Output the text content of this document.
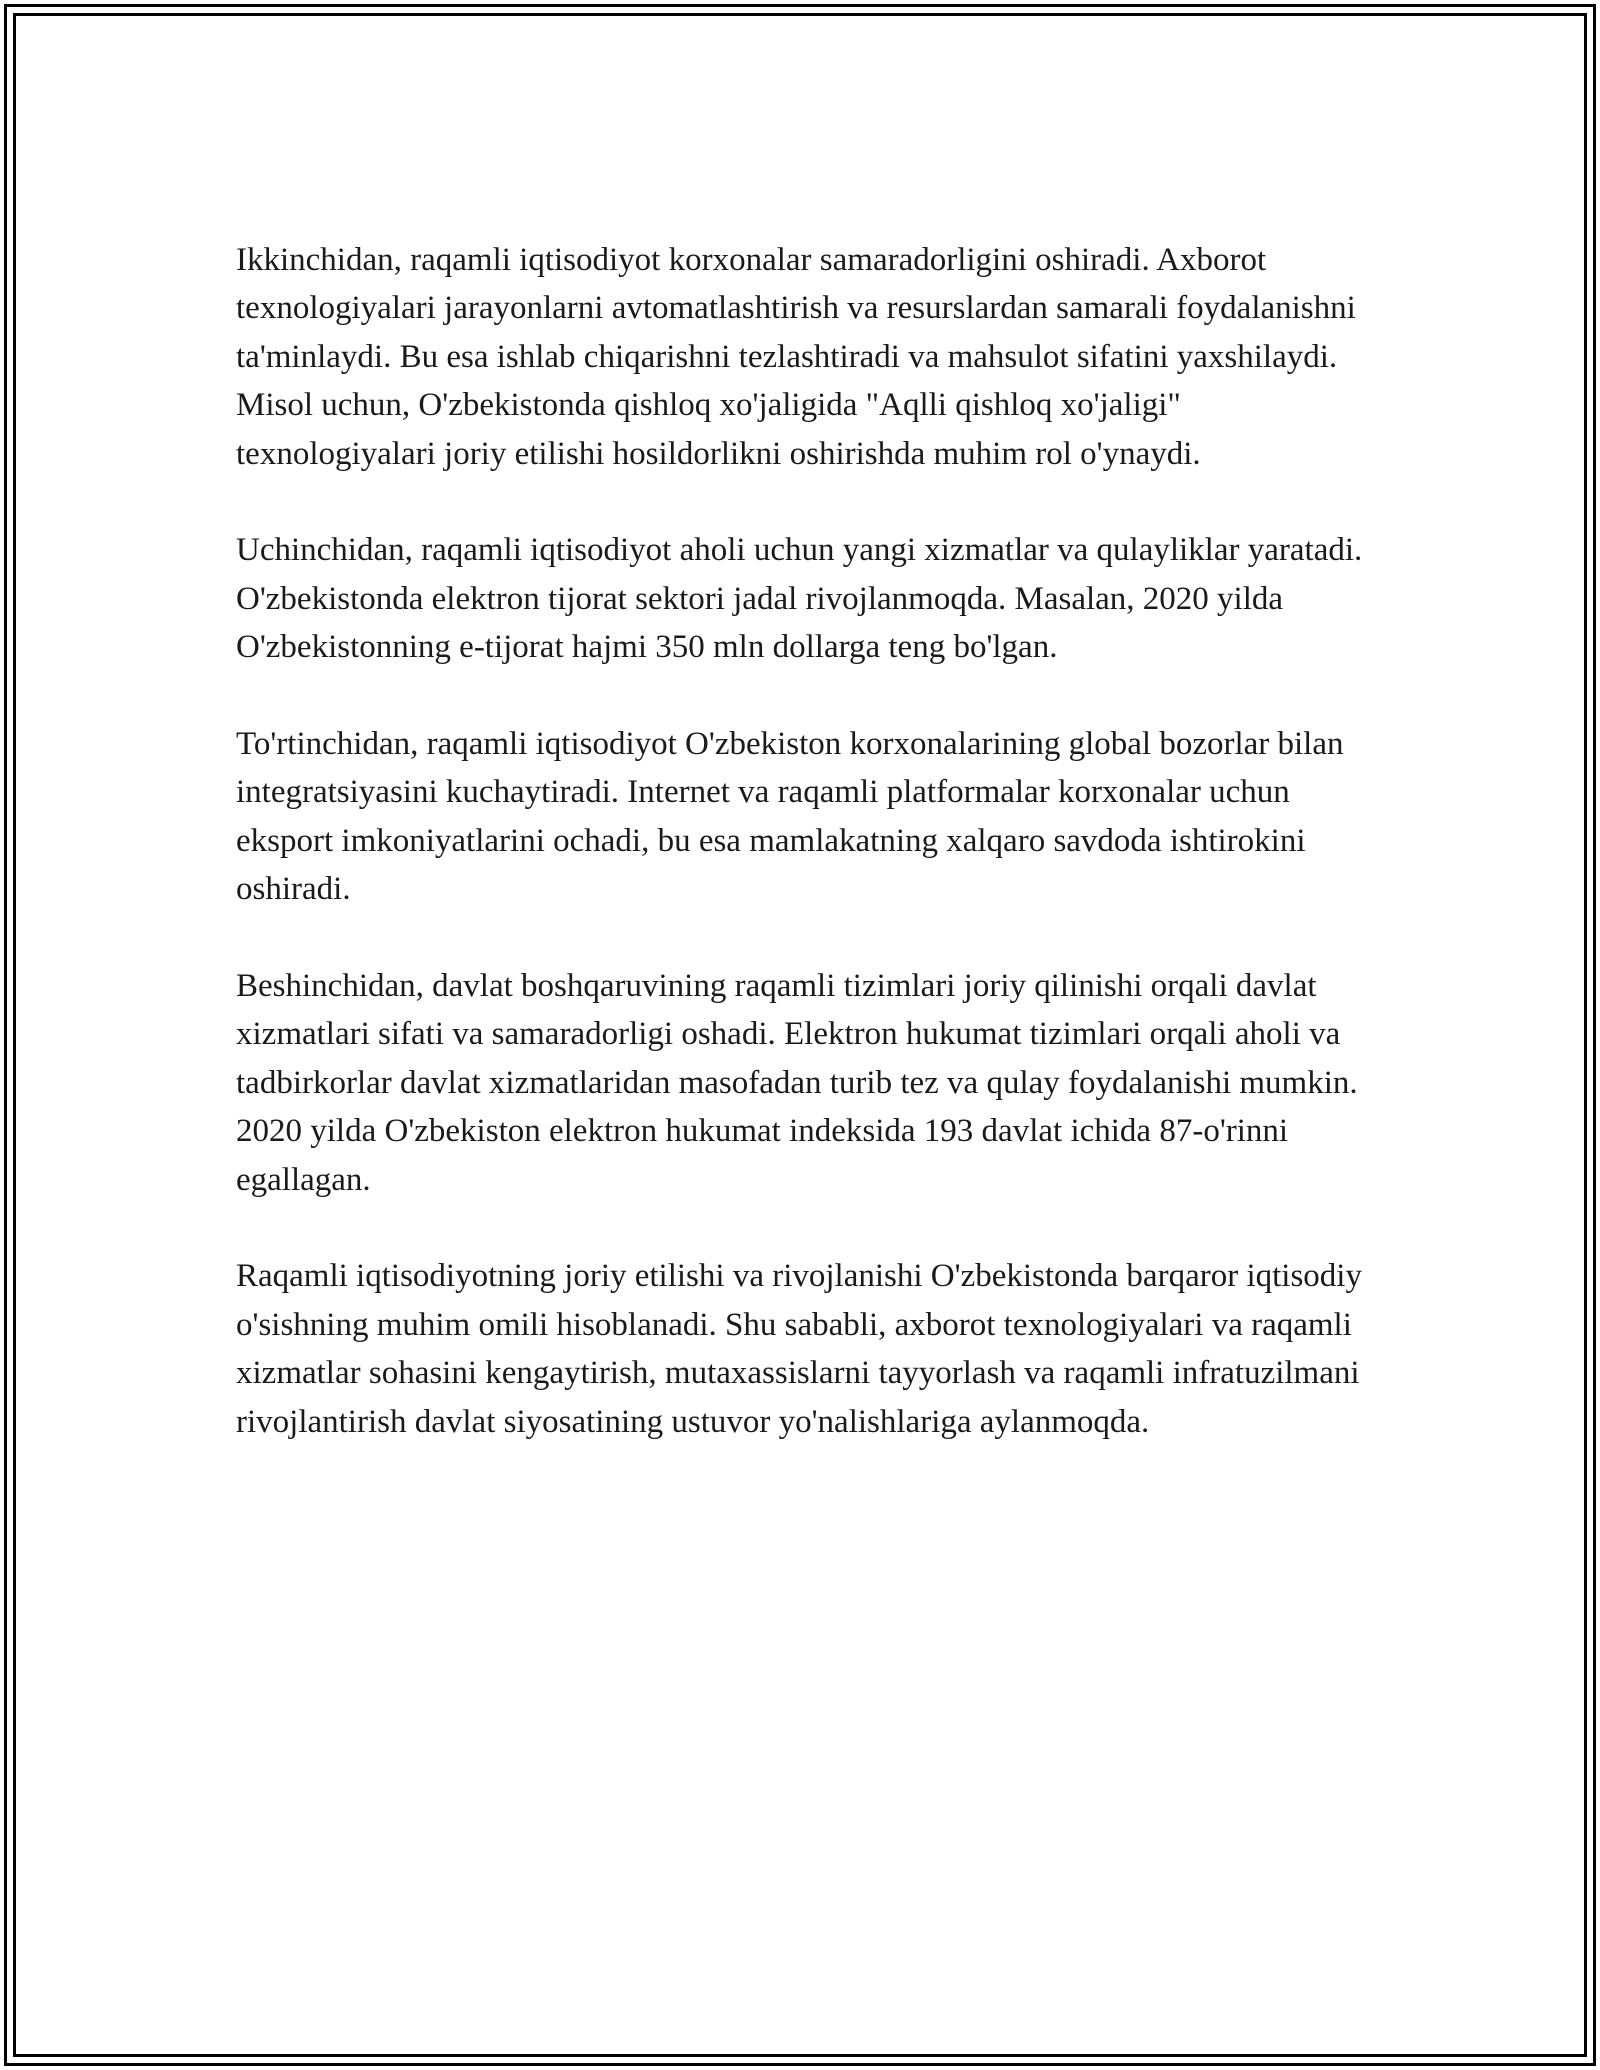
Ikkinchidan, raqamli iqtisodiyot korxonalar samaradorligini oshiradi. Axborot texnologiyalari jarayonlarni avtomatlashtirish va resurslardan samarali foydalanishni ta'minlaydi. Bu esa ishlab chiqarishni tezlashtiradi va mahsulot sifatini yaxshilaydi. Misol uchun, O'zbekistonda qishloq xo'jaligida "Aqlli qishloq xo'jaligi" texnologiyalari joriy etilishi hosildorlikni oshirishda muhim rol o'ynaydi.

Uchinchidan, raqamli iqtisodiyot aholi uchun yangi xizmatlar va qulayliklar yaratadi. O'zbekistonda elektron tijorat sektori jadal rivojlanmoqda. Masalan, 2020 yilda O'zbekistonning e-tijorat hajmi 350 mln dollarga teng bo'lgan.

To'rtinchidan, raqamli iqtisodiyot O'zbekiston korxonalarining global bozorlar bilan integratsiyasini kuchaytiradi. Internet va raqamli platformalar korxonalar uchun eksport imkoniyatlarini ochadi, bu esa mamlakatning xalqaro savdoda ishtirokini oshiradi.

Beshinchidan, davlat boshqaruvining raqamli tizimlari joriy qilinishi orqali davlat xizmatlari sifati va samaradorligi oshadi. Elektron hukumat tizimlari orqali aholi va tadbirkorlar davlat xizmatlaridan masofadan turib tez va qulay foydalanishi mumkin. 2020 yilda O'zbekiston elektron hukumat indeksida 193 davlat ichida 87-o'rinni egallagan.

Raqamli iqtisodiyotning joriy etilishi va rivojlanishi O'zbekistonda barqaror iqtisodiy o'sishning muhim omili hisoblanadi. Shu sababli, axborot texnologiyalari va raqamli xizmatlar sohasini kengaytirish, mutaxassislarni tayyorlash va raqamli infratuzilmani rivojlantirish davlat siyosatining ustuvor yo'nalishlariga aylanmoqda.
